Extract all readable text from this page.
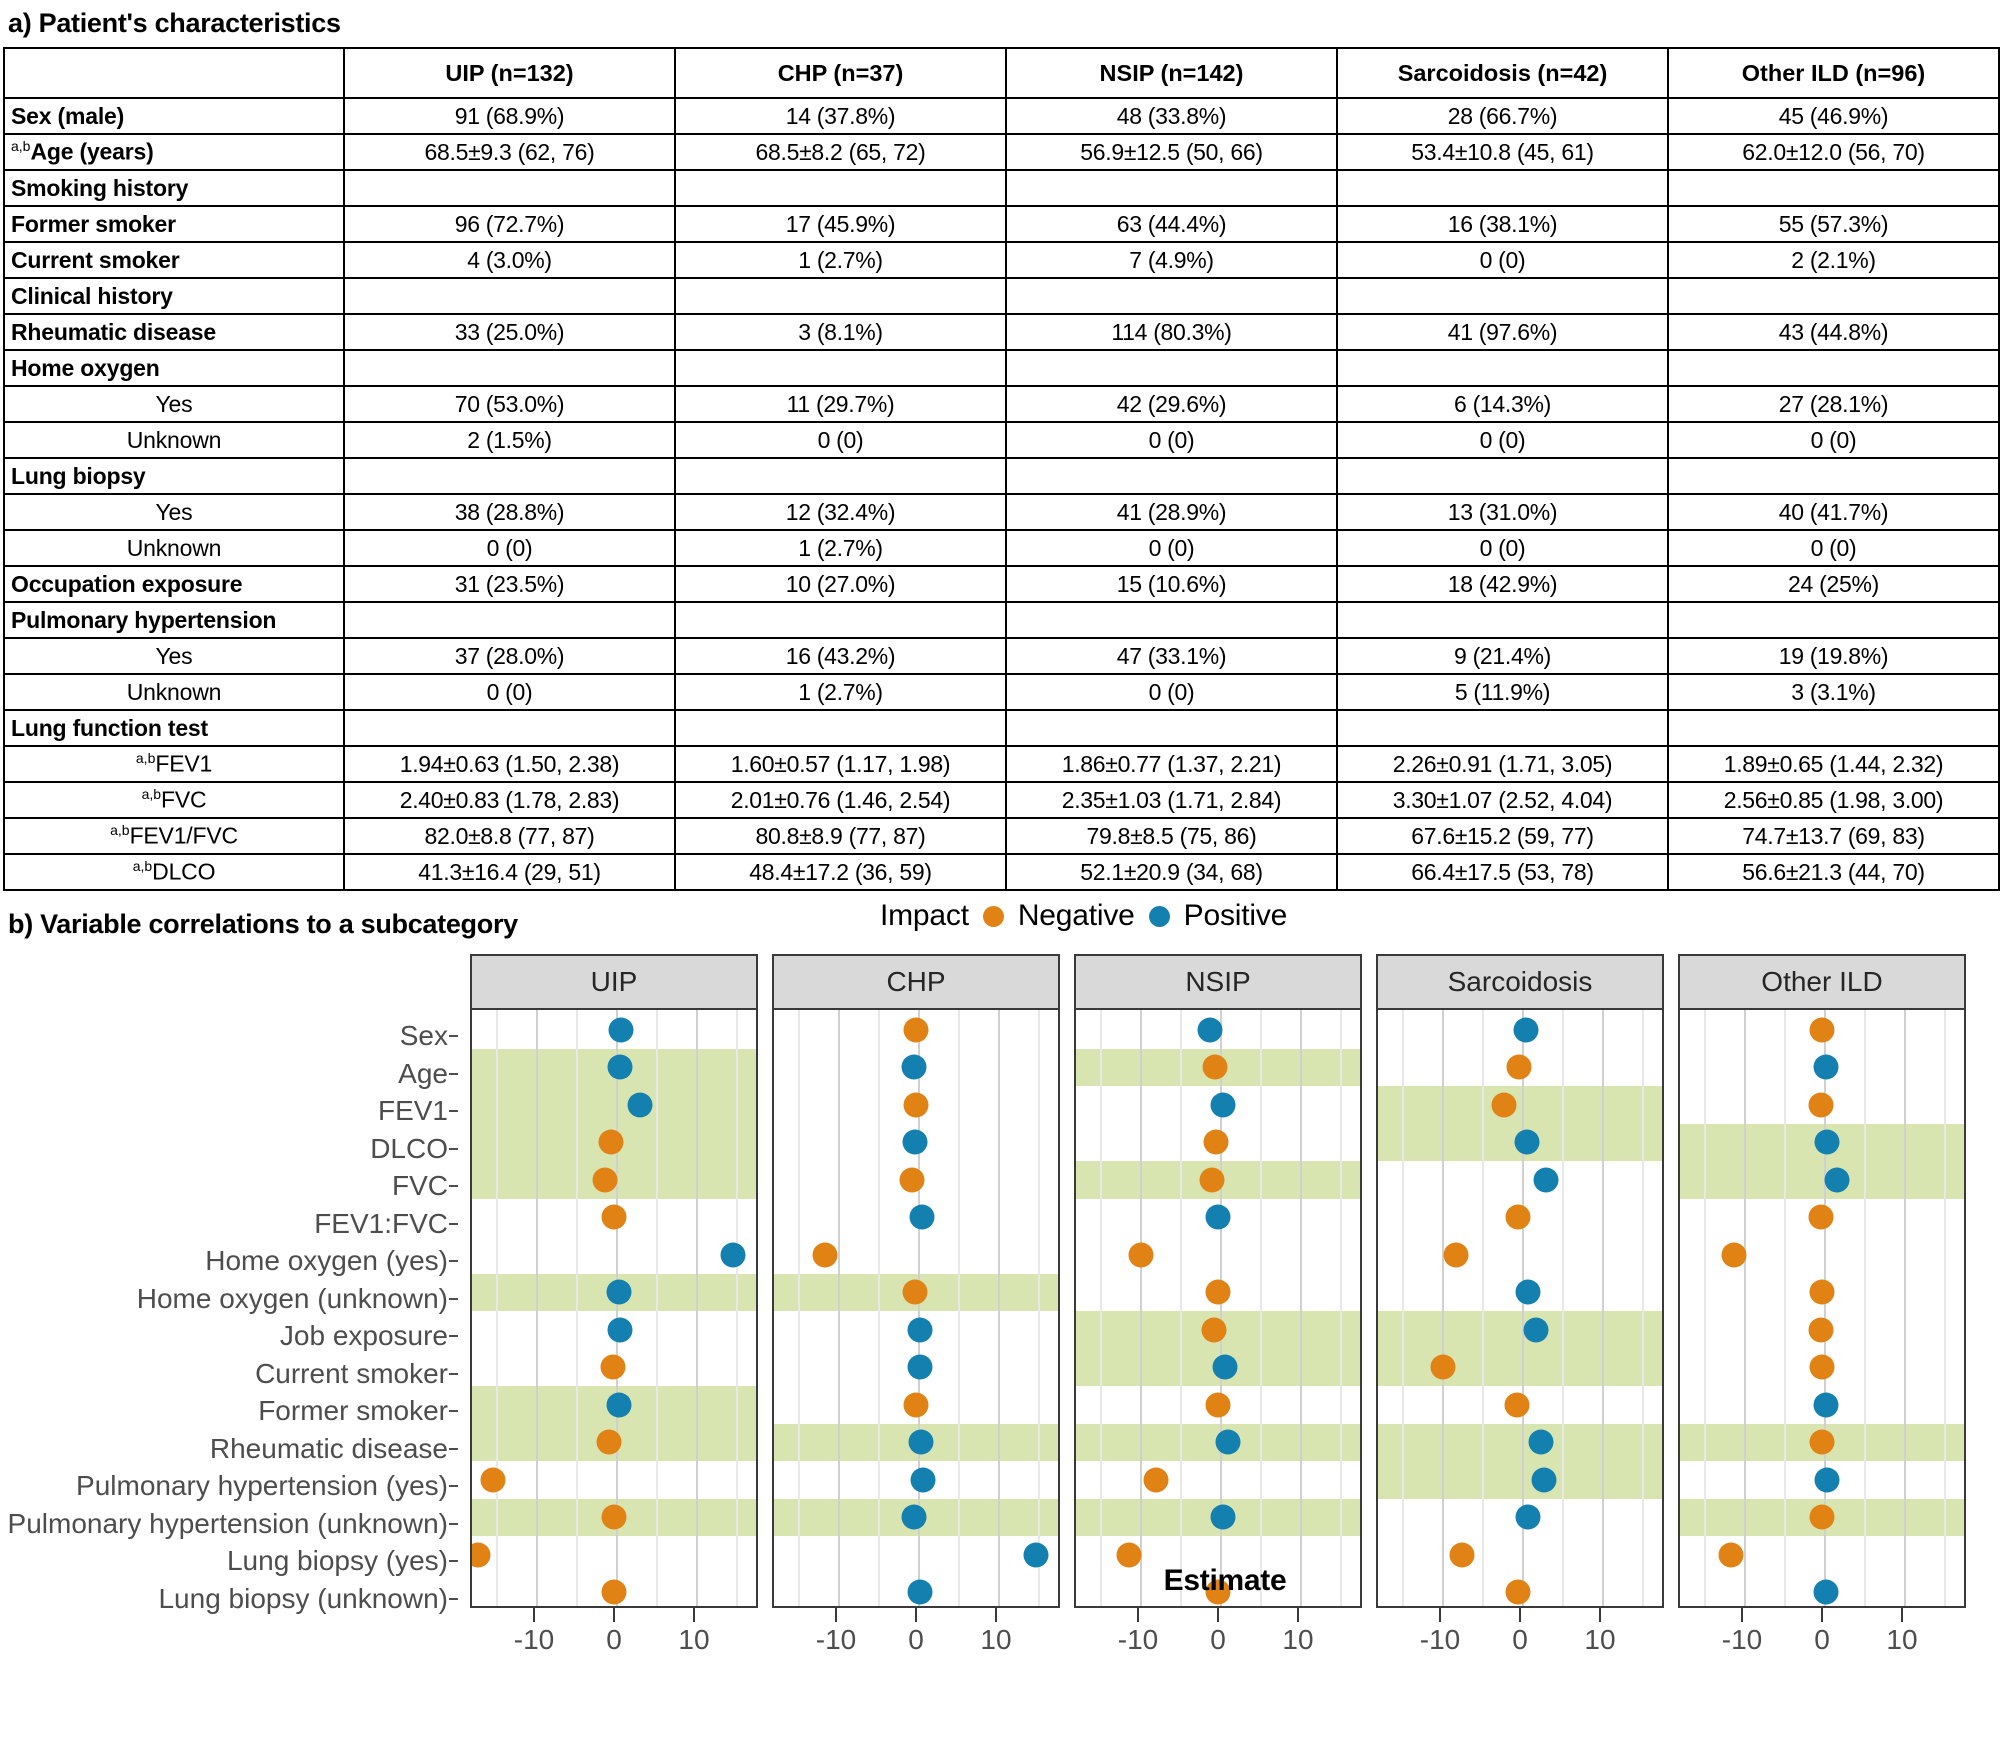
a) Patient's characteristics
	UIP (n=132)	CHP (n=37)	NSIP (n=142)	Sarcoidosis (n=42)	Other ILD (n=96)
Sex (male)	91 (68.9%)	14 (37.8%)	48 (33.8%)	28 (66.7%)	45 (46.9%)
$^{a,b}$Age (years)	68.5±9.3 (62, 76)	68.5±8.2 (65, 72)	56.9±12.5 (50, 66)	53.4±10.8 (45, 61)	62.0±12.0 (56, 70)
Smoking history					
Former smoker	96 (72.7%)	17 (45.9%)	63 (44.4%)	16 (38.1%)	55 (57.3%)
Current smoker	4 (3.0%)	1 (2.7%)	7 (4.9%)	0 (0)	2 (2.1%)
Clinical history					
Rheumatic disease	33 (25.0%)	3 (8.1%)	114 (80.3%)	41 (97.6%)	43 (44.8%)
Home oxygen					
Yes	70 (53.0%)	11 (29.7%)	42 (29.6%)	6 (14.3%)	27 (28.1%)
Unknown	2 (1.5%)	0 (0)	0 (0)	0 (0)	0 (0)
Lung biopsy					
Yes	38 (28.8%)	12 (32.4%)	41 (28.9%)	13 (31.0%)	40 (41.7%)
Unknown	0 (0)	1 (2.7%)	0 (0)	0 (0)	0 (0)
Occupation exposure	31 (23.5%)	10 (27.0%)	15 (10.6%)	18 (42.9%)	24 (25%)
Pulmonary hypertension					
Yes	37 (28.0%)	16 (43.2%)	47 (33.1%)	9 (21.4%)	19 (19.8%)
Unknown	0 (0)	1 (2.7%)	0 (0)	5 (11.9%)	3 (3.1%)
Lung function test					
$^{a,b}$FEV1	1.94±0.63 (1.50, 2.38)	1.60±0.57 (1.17, 1.98)	1.86±0.77 (1.37, 2.21)	2.26±0.91 (1.71, 3.05)	1.89±0.65 (1.44, 2.32)
$^{a,b}$FVC	2.40±0.83 (1.78, 2.83)	2.01±0.76 (1.46, 2.54)	2.35±1.03 (1.71, 2.84)	3.30±1.07 (2.52, 4.04)	2.56±0.85 (1.98, 3.00)
$^{a,b}$FEV1/FVC	82.0±8.8 (77, 87)	80.8±8.9 (77, 87)	79.8±8.5 (75, 86)	67.6±15.2 (59, 77)	74.7±13.7 (69, 83)
$^{a,b}$DLCO	41.3±16.4 (29, 51)	48.4±17.2 (36, 59)	52.1±20.9 (34, 68)	66.4±17.5 (53, 78)	56.6±21.3 (44, 70)
b) Variable correlations to a subcategory	Impact Negative Positive
Sex
Age
FEV1
DLCO
FVC
FEV1:FVC
Home oxygen (yes)
Home oxygen (unknown)
Job exposure
Current smoker
Former smoker
Rheumatic disease
Pulmonary hypertension (yes)
Pulmonary hypertension (unknown)
Lung biopsy (yes)
Lung biopsy (unknown)
UIP
-10 0 10
CHP
-10 0 10
NSIP
-10 0 10
Sarcoidosis
-10 0 10
Other ILD
-10 0 10
Estimate
